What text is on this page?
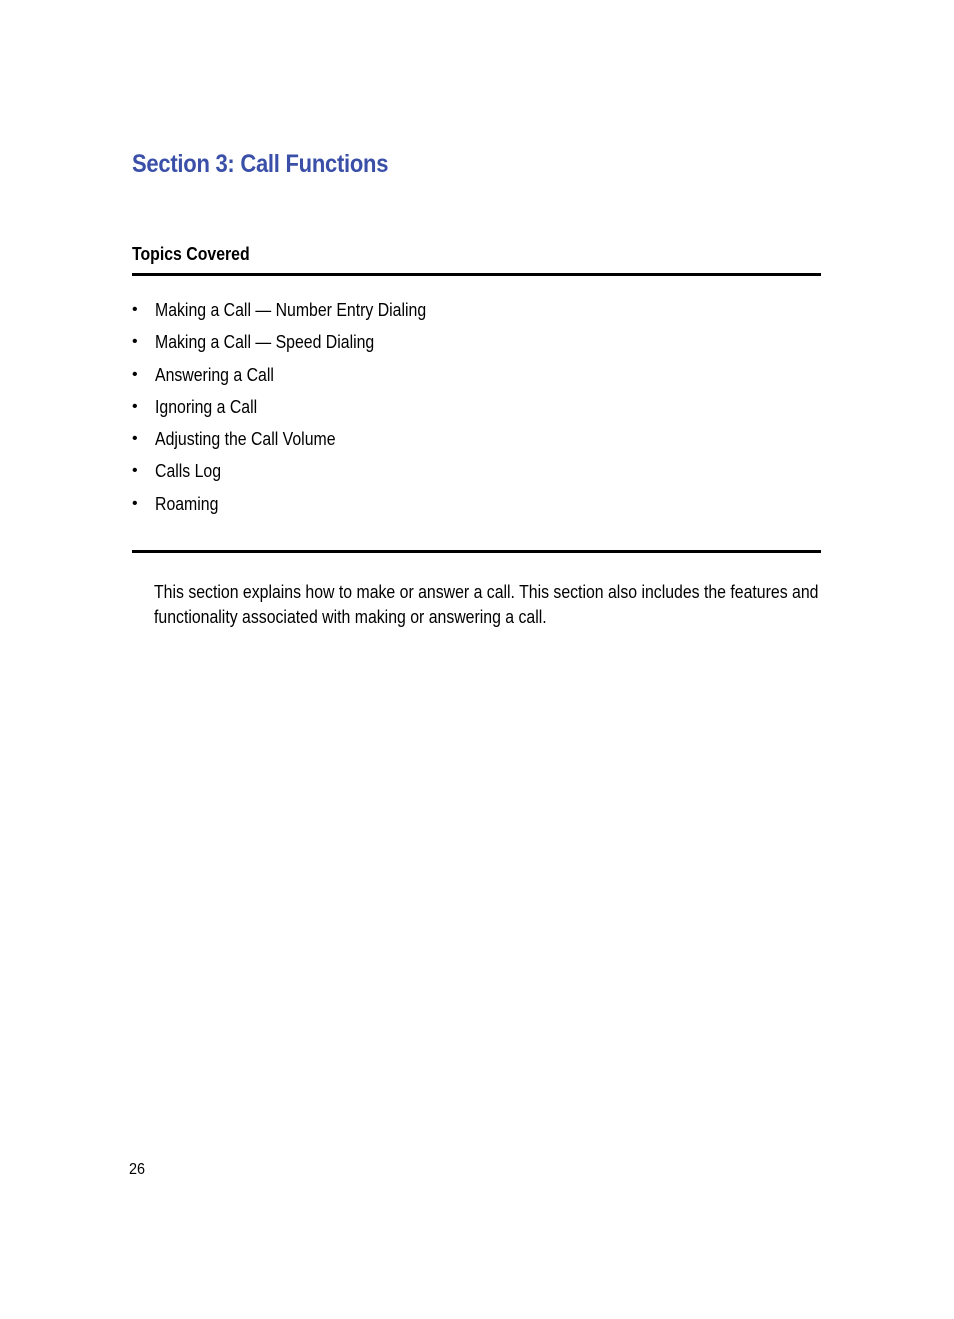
Section 3: Call Functions
Topics Covered
• Making a Call — Number Entry Dialing
• Making a Call — Speed Dialing
• Answering a Call
• Ignoring a Call
• Adjusting the Call Volume
• Calls Log
• Roaming

This section explains how to make or answer a call. This section also includes the features and functionality associated with making or answering a call.

26
